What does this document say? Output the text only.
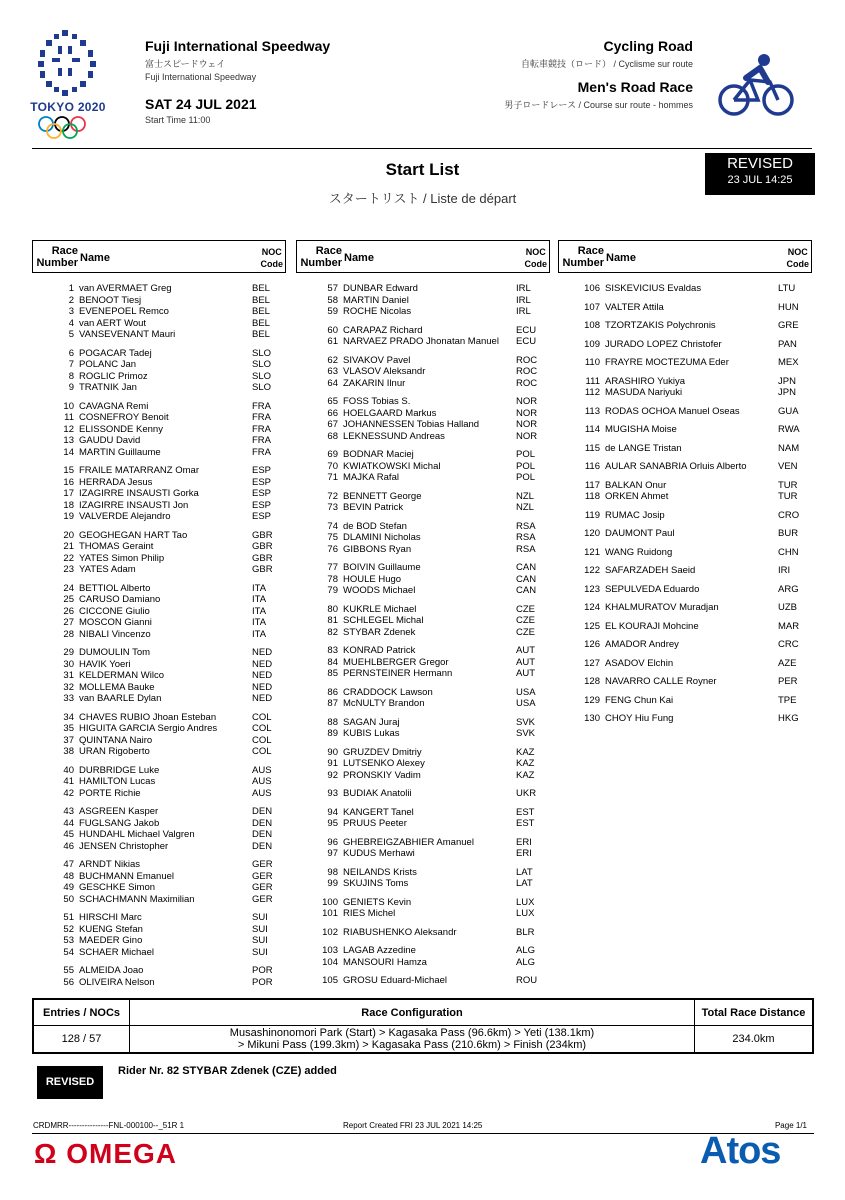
TOKYO 2020
Fuji International Speedway
富士スピードウェイ
Fuji International Speedway
SAT 24 JUL 2021
Start Time 11:00
Cycling Road
自転車競技（ロード） / Cyclisme sur route
Men's Road Race
男子ロードレース / Course sur route - hommes
Start List
スタートリスト / Liste de départ
REVISED
23 JUL 14:25
Race
Number Name	NOC
Code
1 van AVERMAET Greg	BEL
2 BENOOT Tiesj	BEL
3 EVENEPOEL Remco	BEL
4 van AERT Wout	BEL
5 VANSEVENANT Mauri	BEL
6 POGACAR Tadej	SLO
7 POLANC Jan	SLO
8 ROGLIC Primoz	SLO
9 TRATNIK Jan	SLO
10 CAVAGNA Remi	FRA
11 COSNEFROY Benoit	FRA
12 ELISSONDE Kenny	FRA
13 GAUDU David	FRA
14 MARTIN Guillaume	FRA
15 FRAILE MATARRANZ Omar	ESP
16 HERRADA Jesus	ESP
17 IZAGIRRE INSAUSTI Gorka	ESP
18 IZAGIRRE INSAUSTI Jon	ESP
19 VALVERDE Alejandro	ESP
20 GEOGHEGAN HART Tao	GBR
21 THOMAS Geraint	GBR
22 YATES Simon Philip	GBR
23 YATES Adam	GBR
24 BETTIOL Alberto	ITA
25 CARUSO Damiano	ITA
26 CICCONE Giulio	ITA
27 MOSCON Gianni	ITA
28 NIBALI Vincenzo	ITA
29 DUMOULIN Tom	NED
30 HAVIK Yoeri	NED
31 KELDERMAN Wilco	NED
32 MOLLEMA Bauke	NED
33 van BAARLE Dylan	NED
34 CHAVES RUBIO Jhoan Esteban	COL
35 HIGUITA GARCIA Sergio Andres	COL
37 QUINTANA Nairo	COL
38 URAN Rigoberto	COL
40 DURBRIDGE Luke	AUS
41 HAMILTON Lucas	AUS
42 PORTE Richie	AUS
43 ASGREEN Kasper	DEN
44 FUGLSANG Jakob	DEN
45 HUNDAHL Michael Valgren	DEN
46 JENSEN Christopher	DEN
47 ARNDT Nikias	GER
48 BUCHMANN Emanuel	GER
49 GESCHKE Simon	GER
50 SCHACHMANN Maximilian	GER
51 HIRSCHI Marc	SUI
52 KUENG Stefan	SUI
53 MAEDER Gino	SUI
54 SCHAER Michael	SUI
55 ALMEIDA Joao	POR
56 OLIVEIRA Nelson	POR
Race
Number Name	NOC
Code
57 DUNBAR Edward	IRL
58 MARTIN Daniel	IRL
59 ROCHE Nicolas	IRL
60 CARAPAZ Richard	ECU
61 NARVAEZ PRADO Jhonatan Manuel ECU
62 SIVAKOV Pavel	ROC
63 VLASOV Aleksandr	ROC
64 ZAKARIN Ilnur	ROC
65 FOSS Tobias S.	NOR
66 HOELGAARD Markus	NOR
67 JOHANNESSEN Tobias Halland	NOR
68 LEKNESSUND Andreas	NOR
69 BODNAR Maciej	POL
70 KWIATKOWSKI Michal	POL
71 MAJKA Rafal	POL
72 BENNETT George	NZL
73 BEVIN Patrick	NZL
74 de BOD Stefan	RSA
75 DLAMINI Nicholas	RSA
76 GIBBONS Ryan	RSA
77 BOIVIN Guillaume	CAN
78 HOULE Hugo	CAN
79 WOODS Michael	CAN
80 KUKRLE Michael	CZE
81 SCHLEGEL Michal	CZE
82 STYBAR Zdenek	CZE
83 KONRAD Patrick	AUT
84 MUEHLBERGER Gregor	AUT
85 PERNSTEINER Hermann	AUT
86 CRADDOCK Lawson	USA
87 McNULTY Brandon	USA
88 SAGAN Juraj	SVK
89 KUBIS Lukas	SVK
90 GRUZDEV Dmitriy	KAZ
91 LUTSENKO Alexey	KAZ
92 PRONSKIY Vadim	KAZ
93 BUDIAK Anatolii	UKR
94 KANGERT Tanel	EST
95 PRUUS Peeter	EST
96 GHEBREIGZABHIER Amanuel	ERI
97 KUDUS Merhawi	ERI
98 NEILANDS Krists	LAT
99 SKUJINS Toms	LAT
100 GENIETS Kevin	LUX
101 RIES Michel	LUX
102 RIABUSHENKO Aleksandr	BLR
103 LAGAB Azzedine	ALG
104 MANSOURI Hamza	ALG
105 GROSU Eduard-Michael	ROU
Race
Number Name	NOC
Code
106 SISKEVICIUS Evaldas	LTU
107 VALTER Attila	HUN
108 TZORTZAKIS Polychronis	GRE
109 JURADO LOPEZ Christofer	PAN
110 FRAYRE MOCTEZUMA Eder	MEX
111 ARASHIRO Yukiya	JPN
112 MASUDA Nariyuki	JPN
113 RODAS OCHOA Manuel Oseas	GUA
114 MUGISHA Moise	RWA
115 de LANGE Tristan	NAM
116 AULAR SANABRIA Orluis Alberto	VEN
117 BALKAN Onur	TUR
118 ORKEN Ahmet	TUR
119 RUMAC Josip	CRO
120 DAUMONT Paul	BUR
121 WANG Ruidong	CHN
122 SAFARZADEH Saeid	IRI
123 SEPULVEDA Eduardo	ARG
124 KHALMURATOV Muradjan	UZB
125 EL KOURAJI Mohcine	MAR
126 AMADOR Andrey	CRC
127 ASADOV Elchin	AZE
128 NAVARRO CALLE Royner	PER
129 FENG Chun Kai	TPE
130 CHOY Hiu Fung	HKG
Entries / NOCs	Race Configuration	Total Race Distance
128 / 57	Musashinonomori Park (Start) > Kagasaka Pass (96.6km) > Yeti (138.1km)
> Mikuni Pass (199.3km) > Kagasaka Pass (210.6km) > Finish (234km)	234.0km
REVISED
Rider Nr. 82 STYBAR Zdenek (CZE) added
CRDMRR---------------FNL-000100--_51R 1	Report Created FRI 23 JUL 2021 14:25	Page 1/1
Ω OMEGA	Atos
